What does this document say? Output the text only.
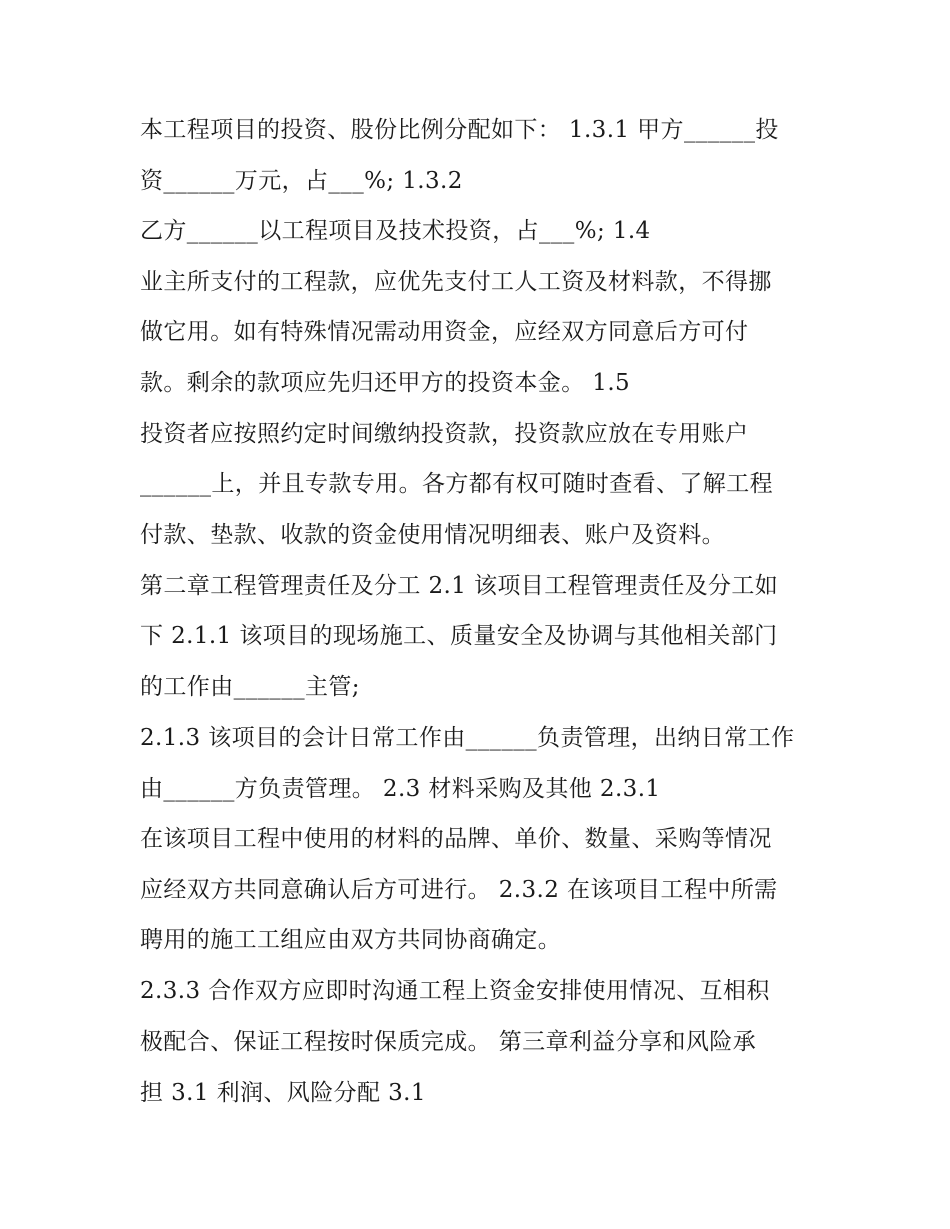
本工程项目的投资、股份比例分配如下： 1.3.1 甲方______投
资______万元，占___%; 1.3.2
乙方______以工程项目及技术投资，占___%; 1.4
业主所支付的工程款，应优先支付工人工资及材料款，不得挪
做它用。如有特殊情况需动用资金，应经双方同意后方可付
款。剩余的款项应先归还甲方的投资本金。 1.5
投资者应按照约定时间缴纳投资款，投资款应放在专用账户
______上，并且专款专用。各方都有权可随时查看、了解工程
付款、垫款、收款的资金使用情况明细表、账户及资料。
第二章工程管理责任及分工 2.1 该项目工程管理责任及分工如
下 2.1.1 该项目的现场施工、质量安全及协调与其他相关部门
的工作由______主管;
2.1.3 该项目的会计日常工作由______负责管理，出纳日常工作
由______方负责管理。 2.3 材料采购及其他 2.3.1
在该项目工程中使用的材料的品牌、单价、数量、采购等情况
应经双方共同意确认后方可进行。 2.3.2 在该项目工程中所需
聘用的施工工组应由双方共同协商确定。
2.3.3 合作双方应即时沟通工程上资金安排使用情况、互相积
极配合、保证工程按时保质完成。 第三章利益分享和风险承
担 3.1 利润、风险分配 3.1
